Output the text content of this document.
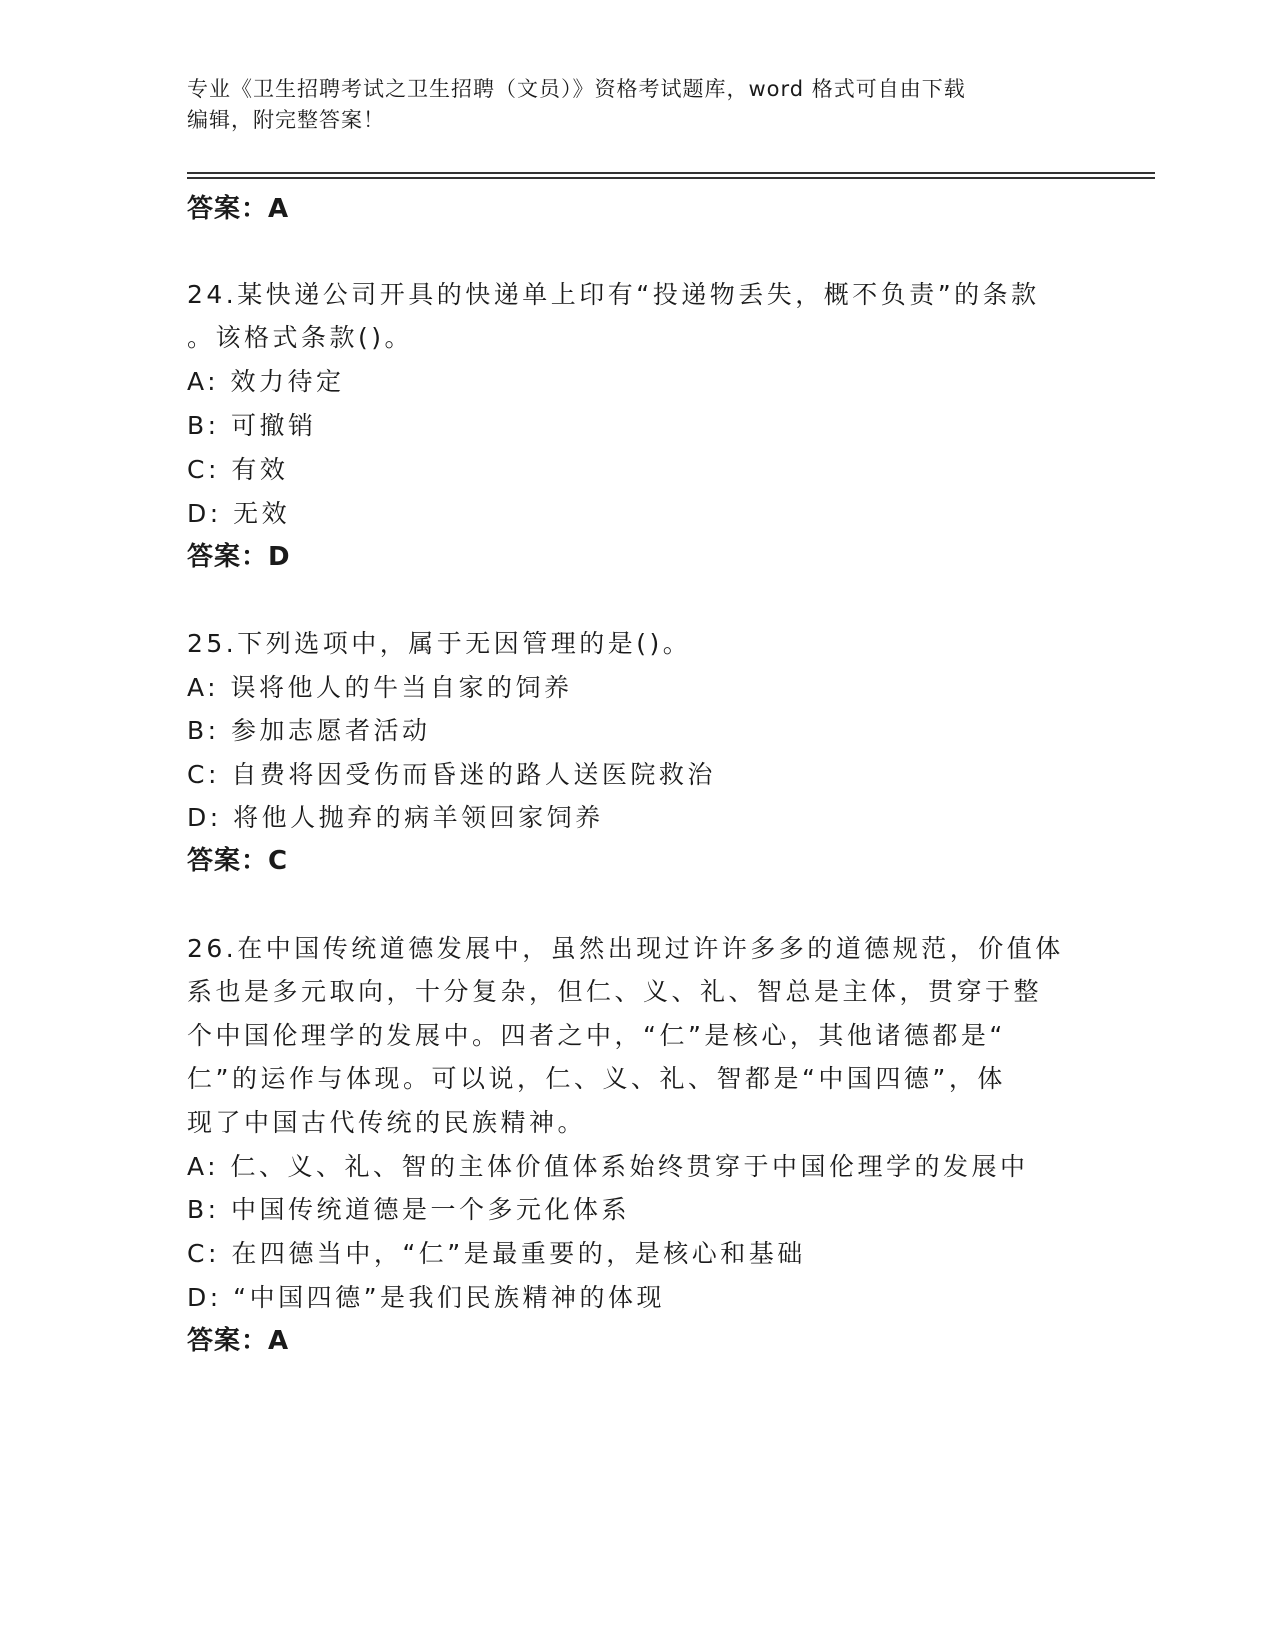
专业《卫生招聘考试之卫生招聘（文员）》资格考试题库，word 格式可自由下载
编辑，附完整答案！
答案：A
24.某快递公司开具的快递单上印有“投递物丢失，概不负责”的条款
。该格式条款()。
A: 效力待定
B: 可撤销
C: 有效
D: 无效
答案：D
25.下列选项中，属于无因管理的是()。
A: 误将他人的牛当自家的饲养
B: 参加志愿者活动
C: 自费将因受伤而昏迷的路人送医院救治
D: 将他人抛弃的病羊领回家饲养
答案：C
26.在中国传统道德发展中，虽然出现过许许多多的道德规范，价值体
系也是多元取向，十分复杂，但仁、义、礼、智总是主体，贯穿于整
个中国伦理学的发展中。四者之中，“仁”是核心，其他诸德都是“
仁”的运作与体现。可以说，仁、义、礼、智都是“中国四德”，体
现了中国古代传统的民族精神。
A: 仁、义、礼、智的主体价值体系始终贯穿于中国伦理学的发展中
B: 中国传统道德是一个多元化体系
C: 在四德当中，“仁”是最重要的，是核心和基础
D: “中国四德”是我们民族精神的体现
答案：A
